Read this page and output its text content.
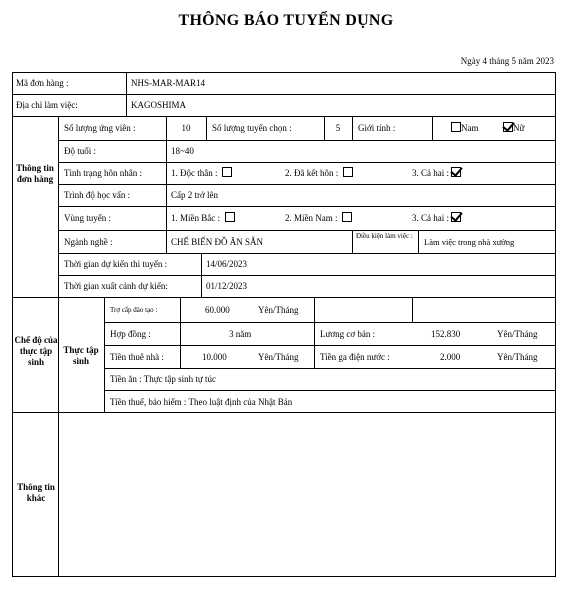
THÔNG BÁO TUYỂN DỤNG
Ngày 4 tháng 5 năm 2023
Mã đơn hàng :	NHS-MAR-MAR14
Địa chỉ làm việc:	KAGOSHIMA
Thông tin đơn hàng
Số lượng ứng viên :	10	Số lượng tuyển chọn :	5	Giới tính :	Nam	Nữ
Độ tuổi :	18~40
Tình trạng hôn nhân :	1. Độc thân :	2. Đã kết hôn :	3. Cả hai :
Trình độ học vấn :	Cấp 2 trở lên
Vùng tuyển :	1. Miền Bắc :	2. Miền Nam :	3. Cả hai :
Ngành nghề :	CHẾ BIẾN ĐỒ ĂN SẴN
Điều kiện làm việc :
Làm việc trong nhà xưởng
Thời gian dự kiến thi tuyển :	14/06/2023
Thời gian xuất cảnh dự kiến:	01/12/2023
Chế độ của thực tập sinh
Thực tập sinh
Trợ cấp đào tạo :	60.000	Yên/Tháng
Hợp đồng :	3 năm	Lương cơ bản :	152.830	Yên/Tháng
Tiền thuê nhà :	10.000	Yên/Tháng Tiền ga điện nước :	2.000	Yên/Tháng
Tiền ăn : Thực tập sinh tự túc
Tiền thuế, bảo hiểm : Theo luật định của Nhật Bản
Thông tin khác
